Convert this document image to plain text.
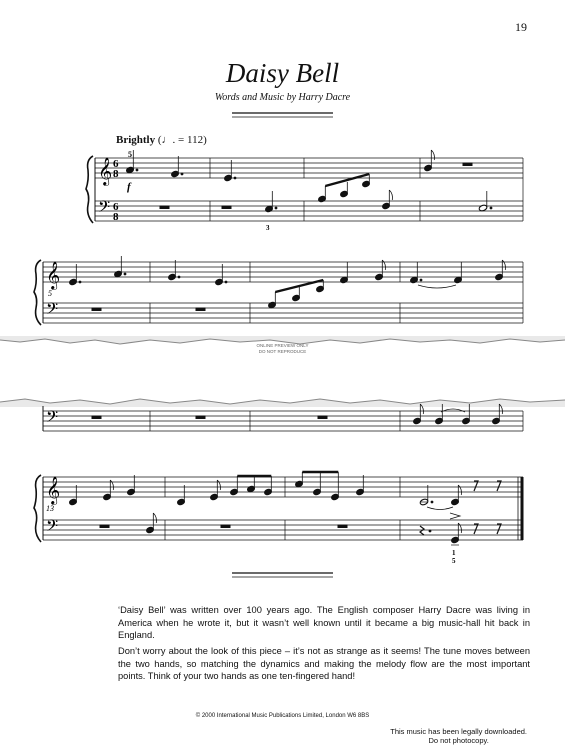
19
Daisy Bell
Words and Music by Harry Dacre
𝄞
𝄢
6
8
6
8
5
f
3
𝄞
𝄢
5
𝄢
𝄞
𝄢
13
1
5
Brightly (♩. = 112)
ONLINE PREVIEW ONLY
DO NOT REPRODUCE

‘Daisy Bell’ was written over 100 years ago. The English composer Harry Dacre was living in America when he wrote it, but it wasn’t well known until it became a big music-hall hit back in England.

Don’t worry about the look of this piece – it’s not as strange as it seems! The tune moves between the two hands, so matching the dynamics and making the melody flow are the most important points. Think of your two hands as one ten-fingered hand!

© 2000 International Music Publications Limited, London W6 8BS
This music has been legally downloaded.
Do not photocopy.
